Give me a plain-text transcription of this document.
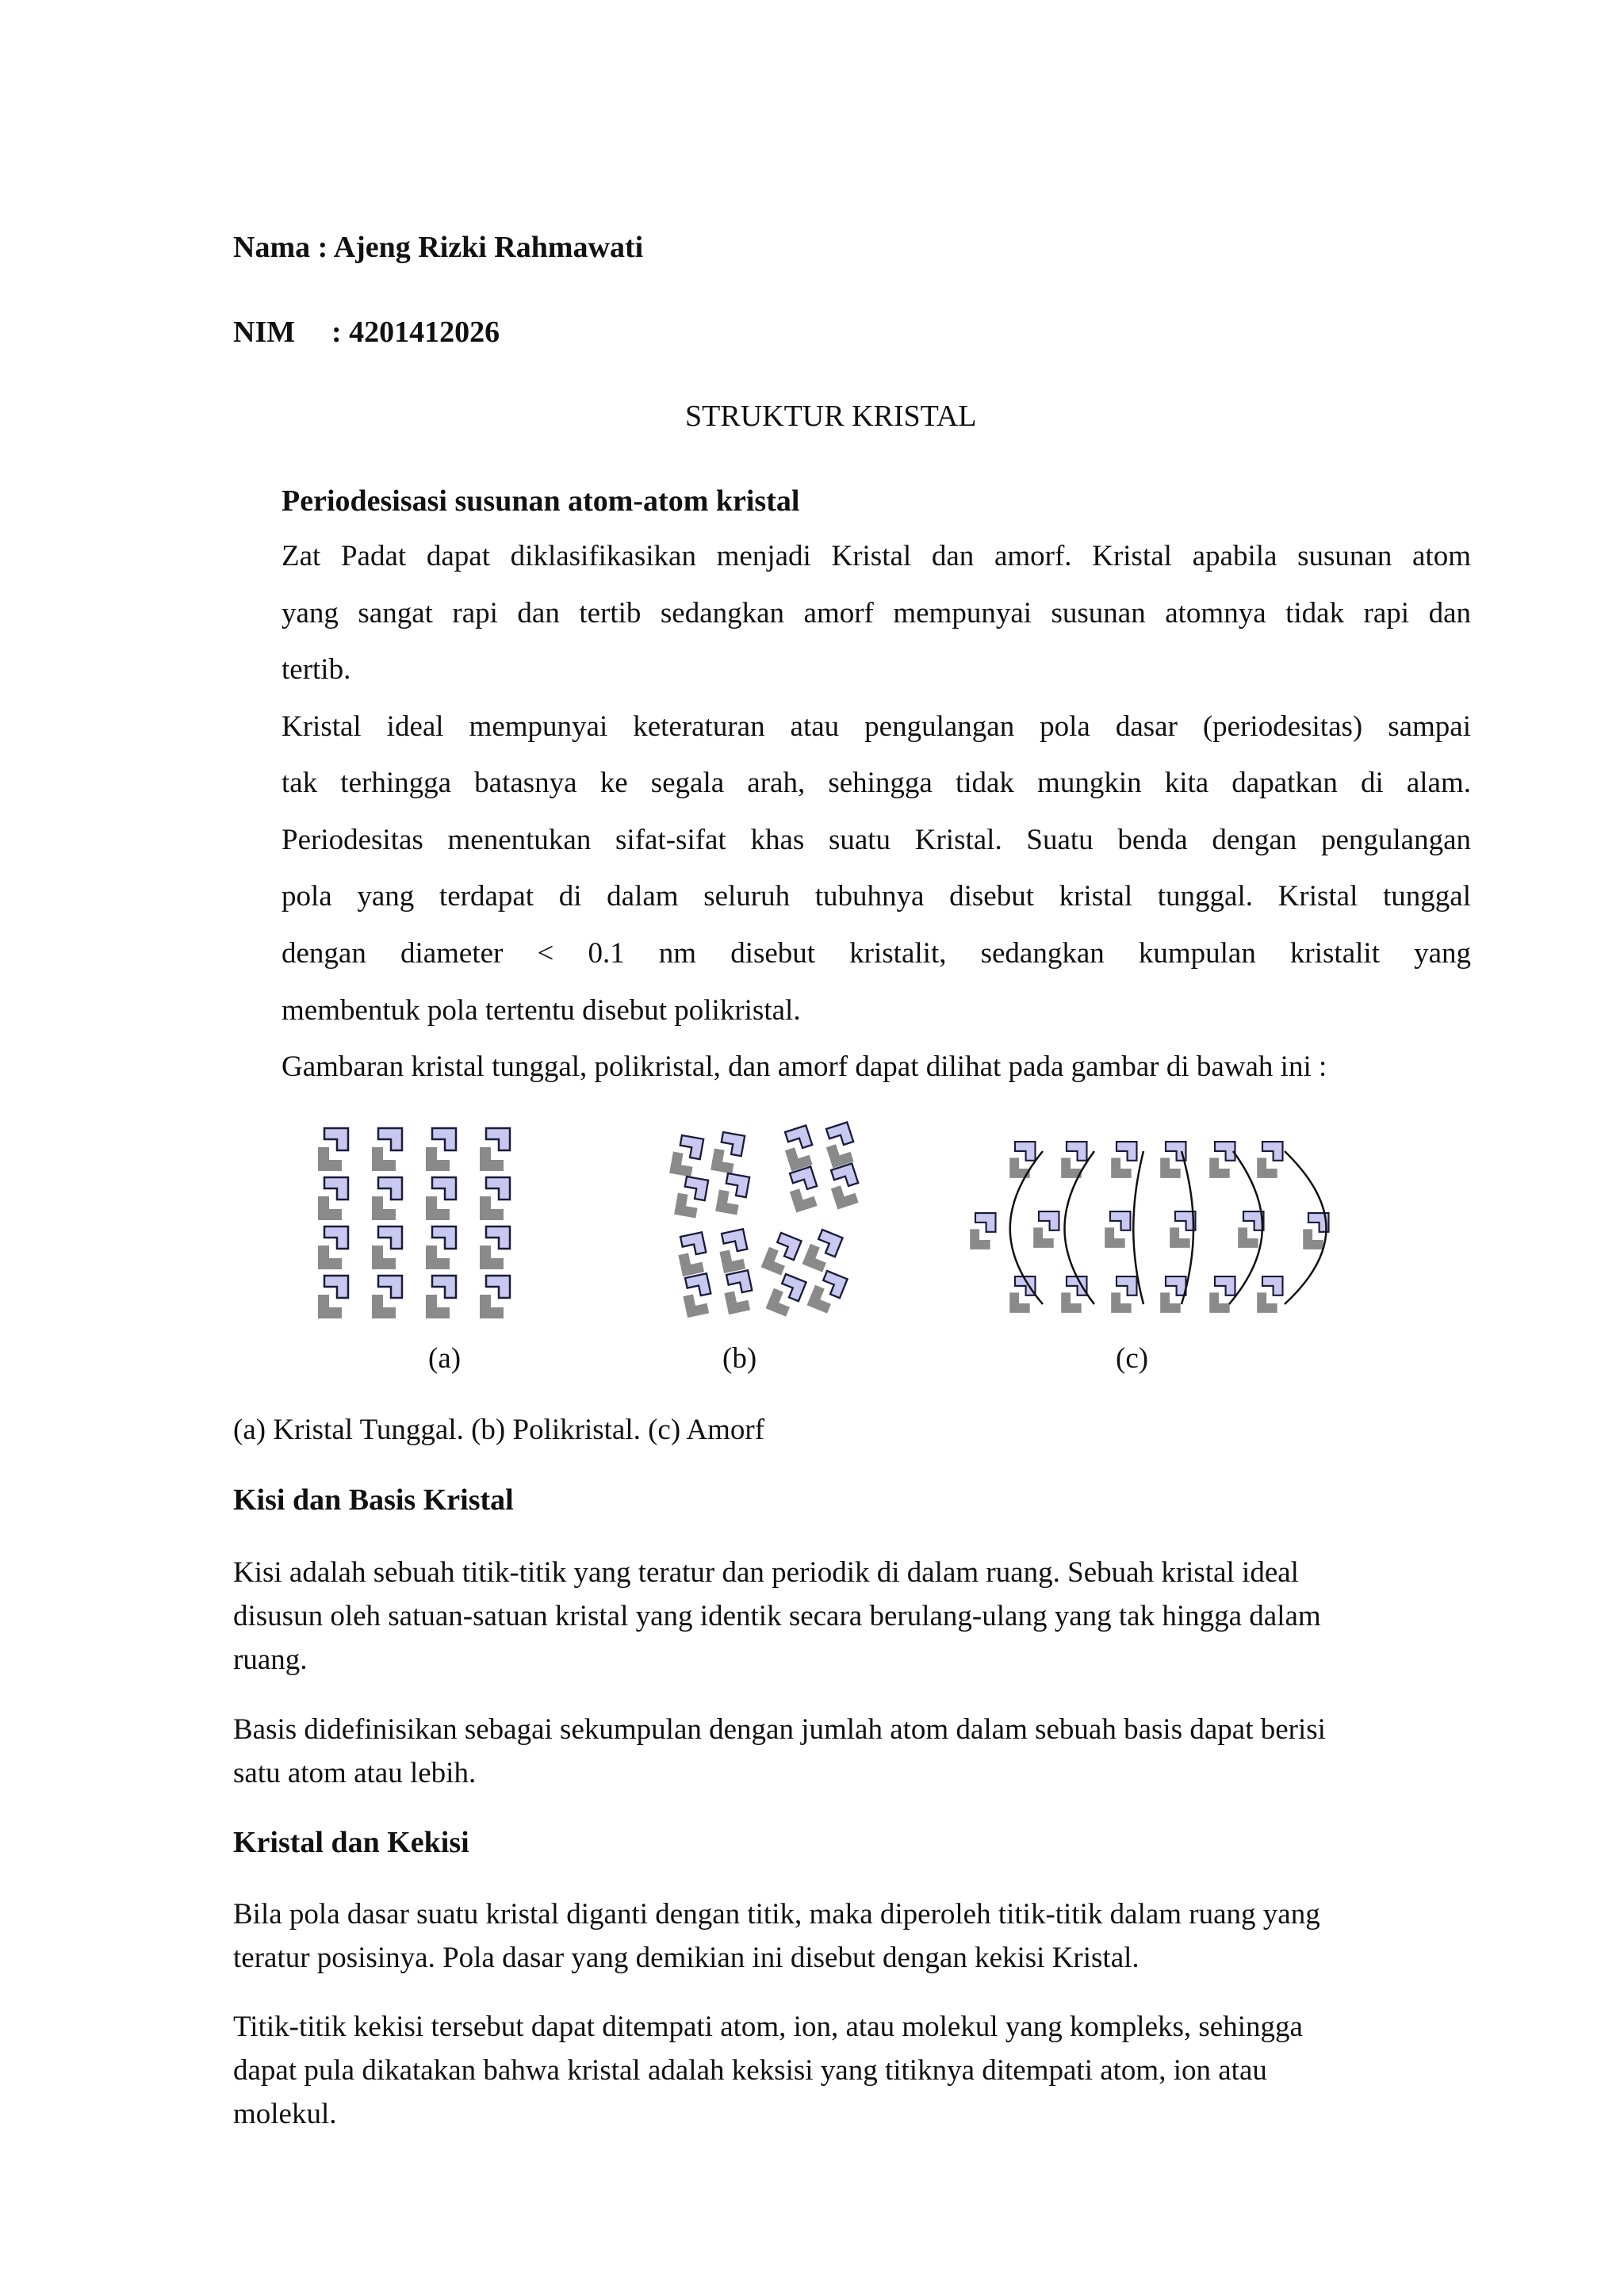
Nama : Ajeng Rizki Rahmawati
NIM : 4201412026
STRUKTUR KRISTAL
Periodesisasi susunan atom-atom kristal
Zat Padat dapat diklasifikasikan menjadi Kristal dan amorf. Kristal apabila susunan atom
yang sangat rapi dan tertib sedangkan amorf mempunyai susunan atomnya tidak rapi dan
tertib.
Kristal ideal mempunyai keteraturan atau pengulangan pola dasar (periodesitas) sampai
tak terhingga batasnya ke segala arah, sehingga tidak mungkin kita dapatkan di alam.
Periodesitas menentukan sifat-sifat khas suatu Kristal. Suatu benda dengan pengulangan
pola yang terdapat di dalam seluruh tubuhnya disebut kristal tunggal. Kristal tunggal
dengan diameter < 0.1 nm disebut kristalit, sedangkan kumpulan kristalit yang
membentuk pola tertentu disebut polikristal.
Gambaran kristal tunggal, polikristal, dan amorf dapat dilihat pada gambar di bawah ini :
(a)	(b)	(c)
(a) Kristal Tunggal. (b) Polikristal. (c) Amorf
Kisi dan Basis Kristal
Kisi adalah sebuah titik-titik yang teratur dan periodik di dalam ruang. Sebuah kristal ideal
disusun oleh satuan-satuan kristal yang identik secara berulang-ulang yang tak hingga dalam
ruang.
Basis didefinisikan sebagai sekumpulan dengan jumlah atom dalam sebuah basis dapat berisi
satu atom atau lebih.
Kristal dan Kekisi
Bila pola dasar suatu kristal diganti dengan titik, maka diperoleh titik-titik dalam ruang yang
teratur posisinya. Pola dasar yang demikian ini disebut dengan kekisi Kristal.
Titik-titik kekisi tersebut dapat ditempati atom, ion, atau molekul yang kompleks, sehingga
dapat pula dikatakan bahwa kristal adalah keksisi yang titiknya ditempati atom, ion atau
molekul.
